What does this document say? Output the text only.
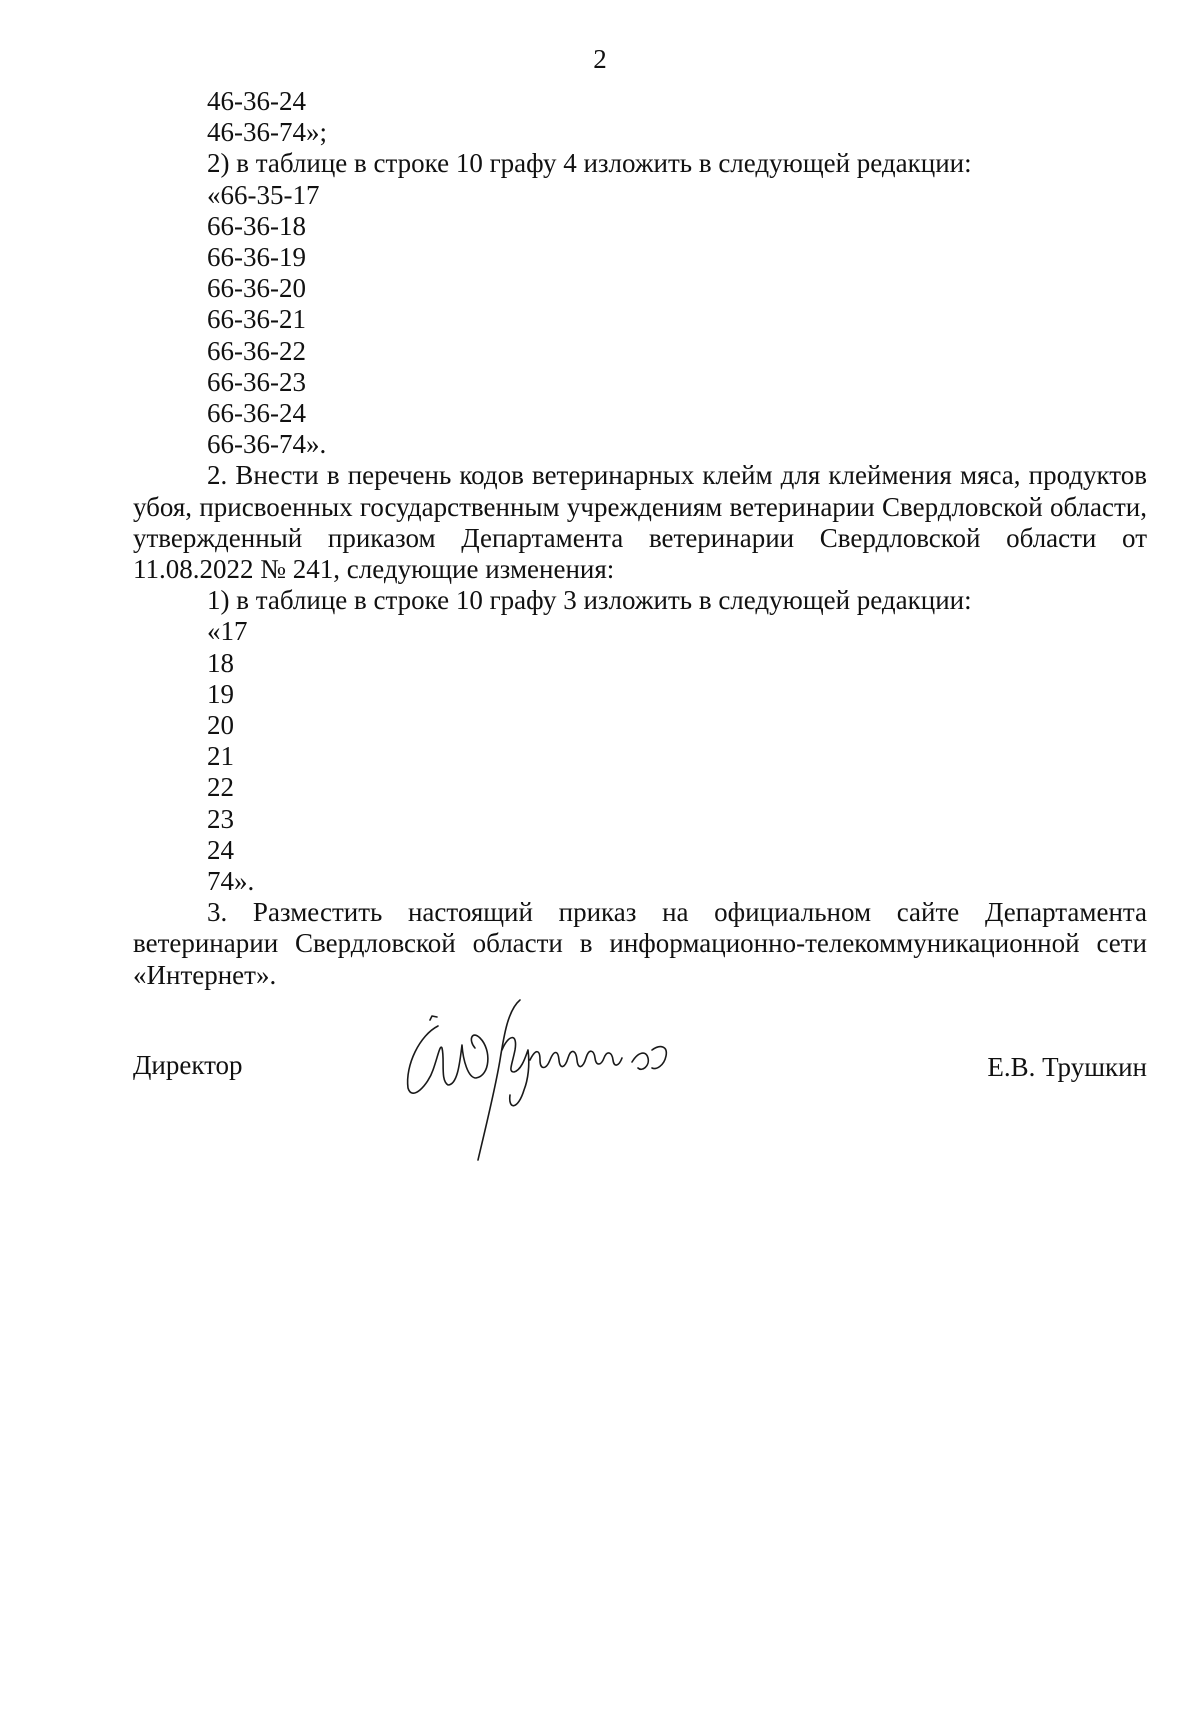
2

46-36-24

46-36-74»;

2) в таблице в строке 10 графу 4 изложить в следующей редакции:

«66-35-17

66-36-18

66-36-19

66-36-20

66-36-21

66-36-22

66-36-23

66-36-24

66-36-74».

2. Внести в перечень кодов ветеринарных клейм для клеймения мяса, продуктов убоя, присвоенных государственным учреждениям ветеринарии Свердловской области, утвержденный приказом Департамента ветеринарии Свердловской области от 11.08.2022 № 241, следующие изменения:

1) в таблице в строке 10 графу 3 изложить в следующей редакции:

«17

18

19

20

21

22

23

24

74».

3. Разместить настоящий приказ на официальном сайте Департамента ветеринарии Свердловской области в информационно-телекоммуникационной сети «Интернет».

Директор	Е.В. Трушкин
